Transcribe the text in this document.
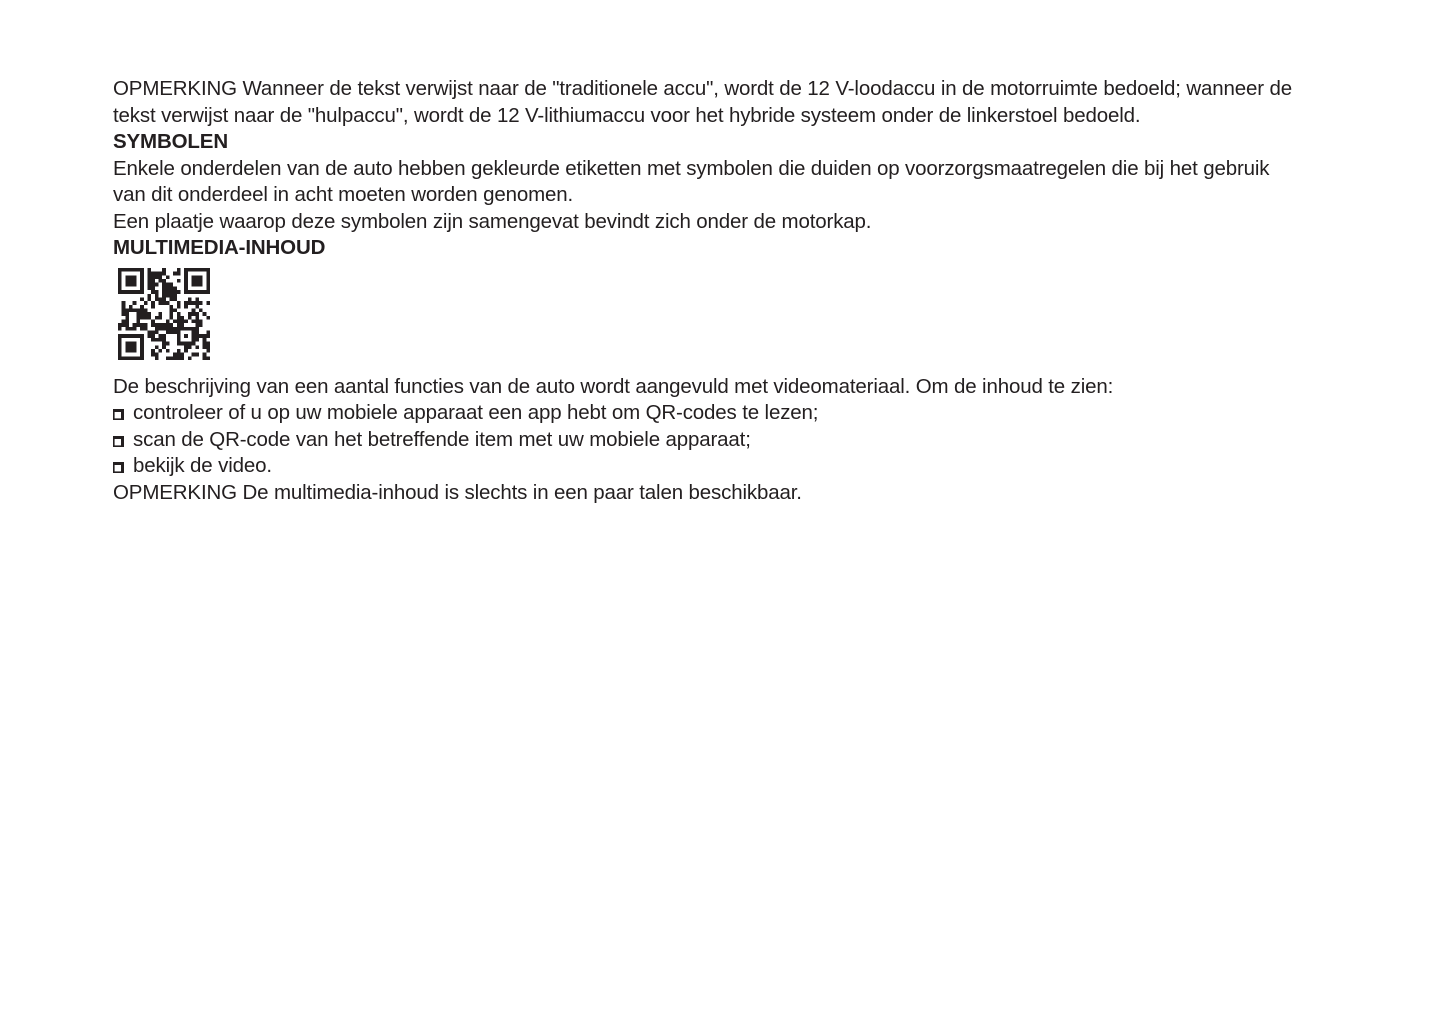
OPMERKING Wanneer de tekst verwijst naar de "traditionele accu", wordt de 12 V-loodaccu in de motorruimte bedoeld; wanneer de tekst verwijst naar de "hulpaccu", wordt de 12 V-lithiumaccu voor het hybride systeem onder de linkerstoel bedoeld.

SYMBOLEN

Enkele onderdelen van de auto hebben gekleurde etiketten met symbolen die duiden op voorzorgsmaatregelen die bij het gebruik van dit onderdeel in acht moeten worden genomen.

Een plaatje waarop deze symbolen zijn samengevat bevindt zich onder de motorkap.

MULTIMEDIA-INHOUD

De beschrijving van een aantal functies van de auto wordt aangevuld met videomateriaal. Om de inhoud te zien:

controleer of u op uw mobiele apparaat een app hebt om QR-codes te lezen;
scan de QR-code van het betreffende item met uw mobiele apparaat;
bekijk de video.

OPMERKING De multimedia-inhoud is slechts in een paar talen beschikbaar.
